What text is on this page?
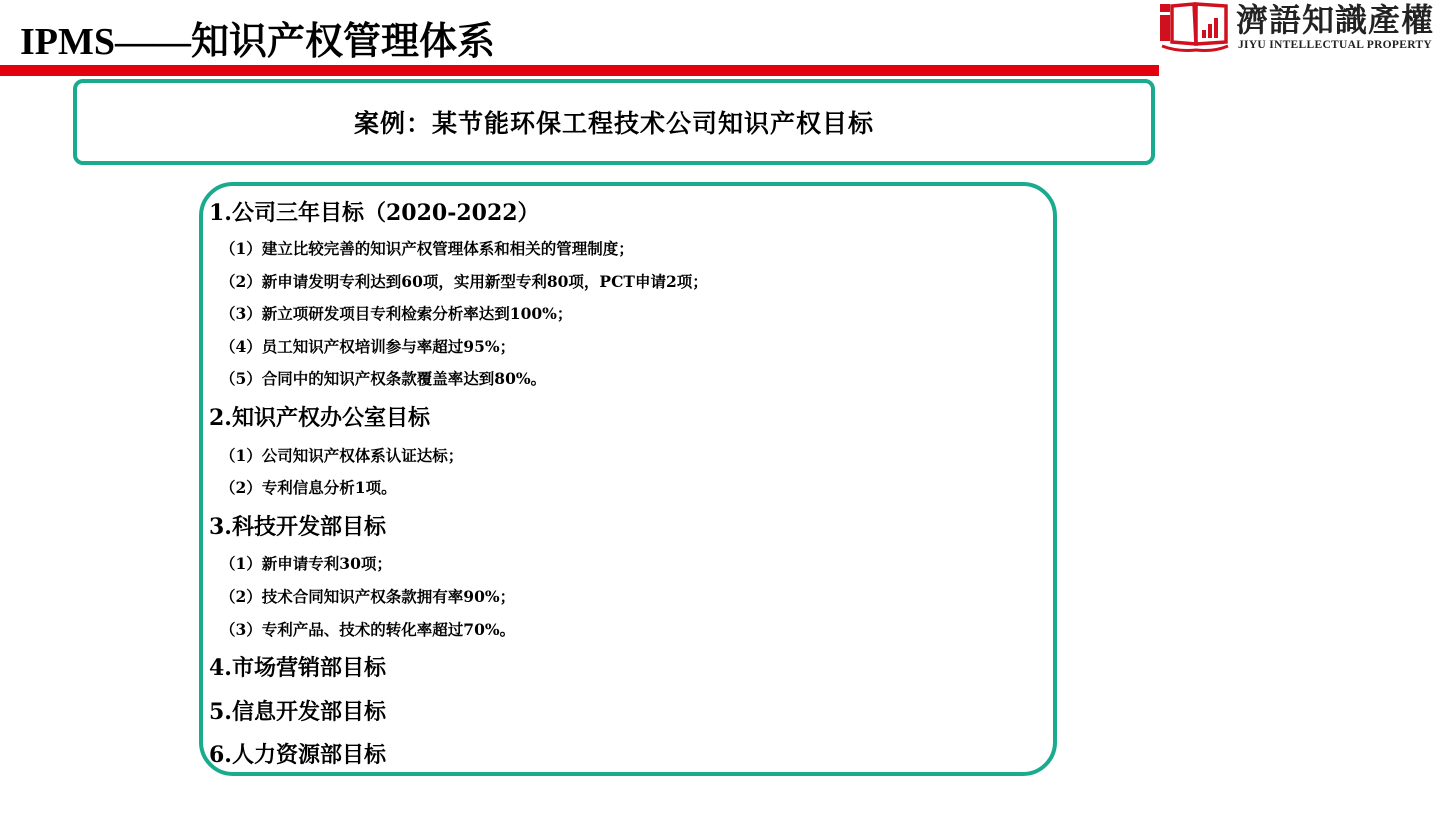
IPMS——知识产权管理体系	濟語知識產權
JIYU INTELLECTUAL PROPERTY
案例：某节能环保工程技术公司知识产权目标
1.公司三年目标（2020-2022）
（1）建立比较完善的知识产权管理体系和相关的管理制度；
（2）新申请发明专利达到60项，实用新型专利80项，PCT申请2项；
（3）新立项研发项目专利检索分析率达到100%；
（4）员工知识产权培训参与率超过95%；
（5）合同中的知识产权条款覆盖率达到80%。
2.知识产权办公室目标
（1）公司知识产权体系认证达标；
（2）专利信息分析1项。
3.科技开发部目标
（1）新申请专利30项；
（2）技术合同知识产权条款拥有率90%；
（3）专利产品、技术的转化率超过70%。
4.市场营销部目标
5.信息开发部目标
6.人力资源部目标
